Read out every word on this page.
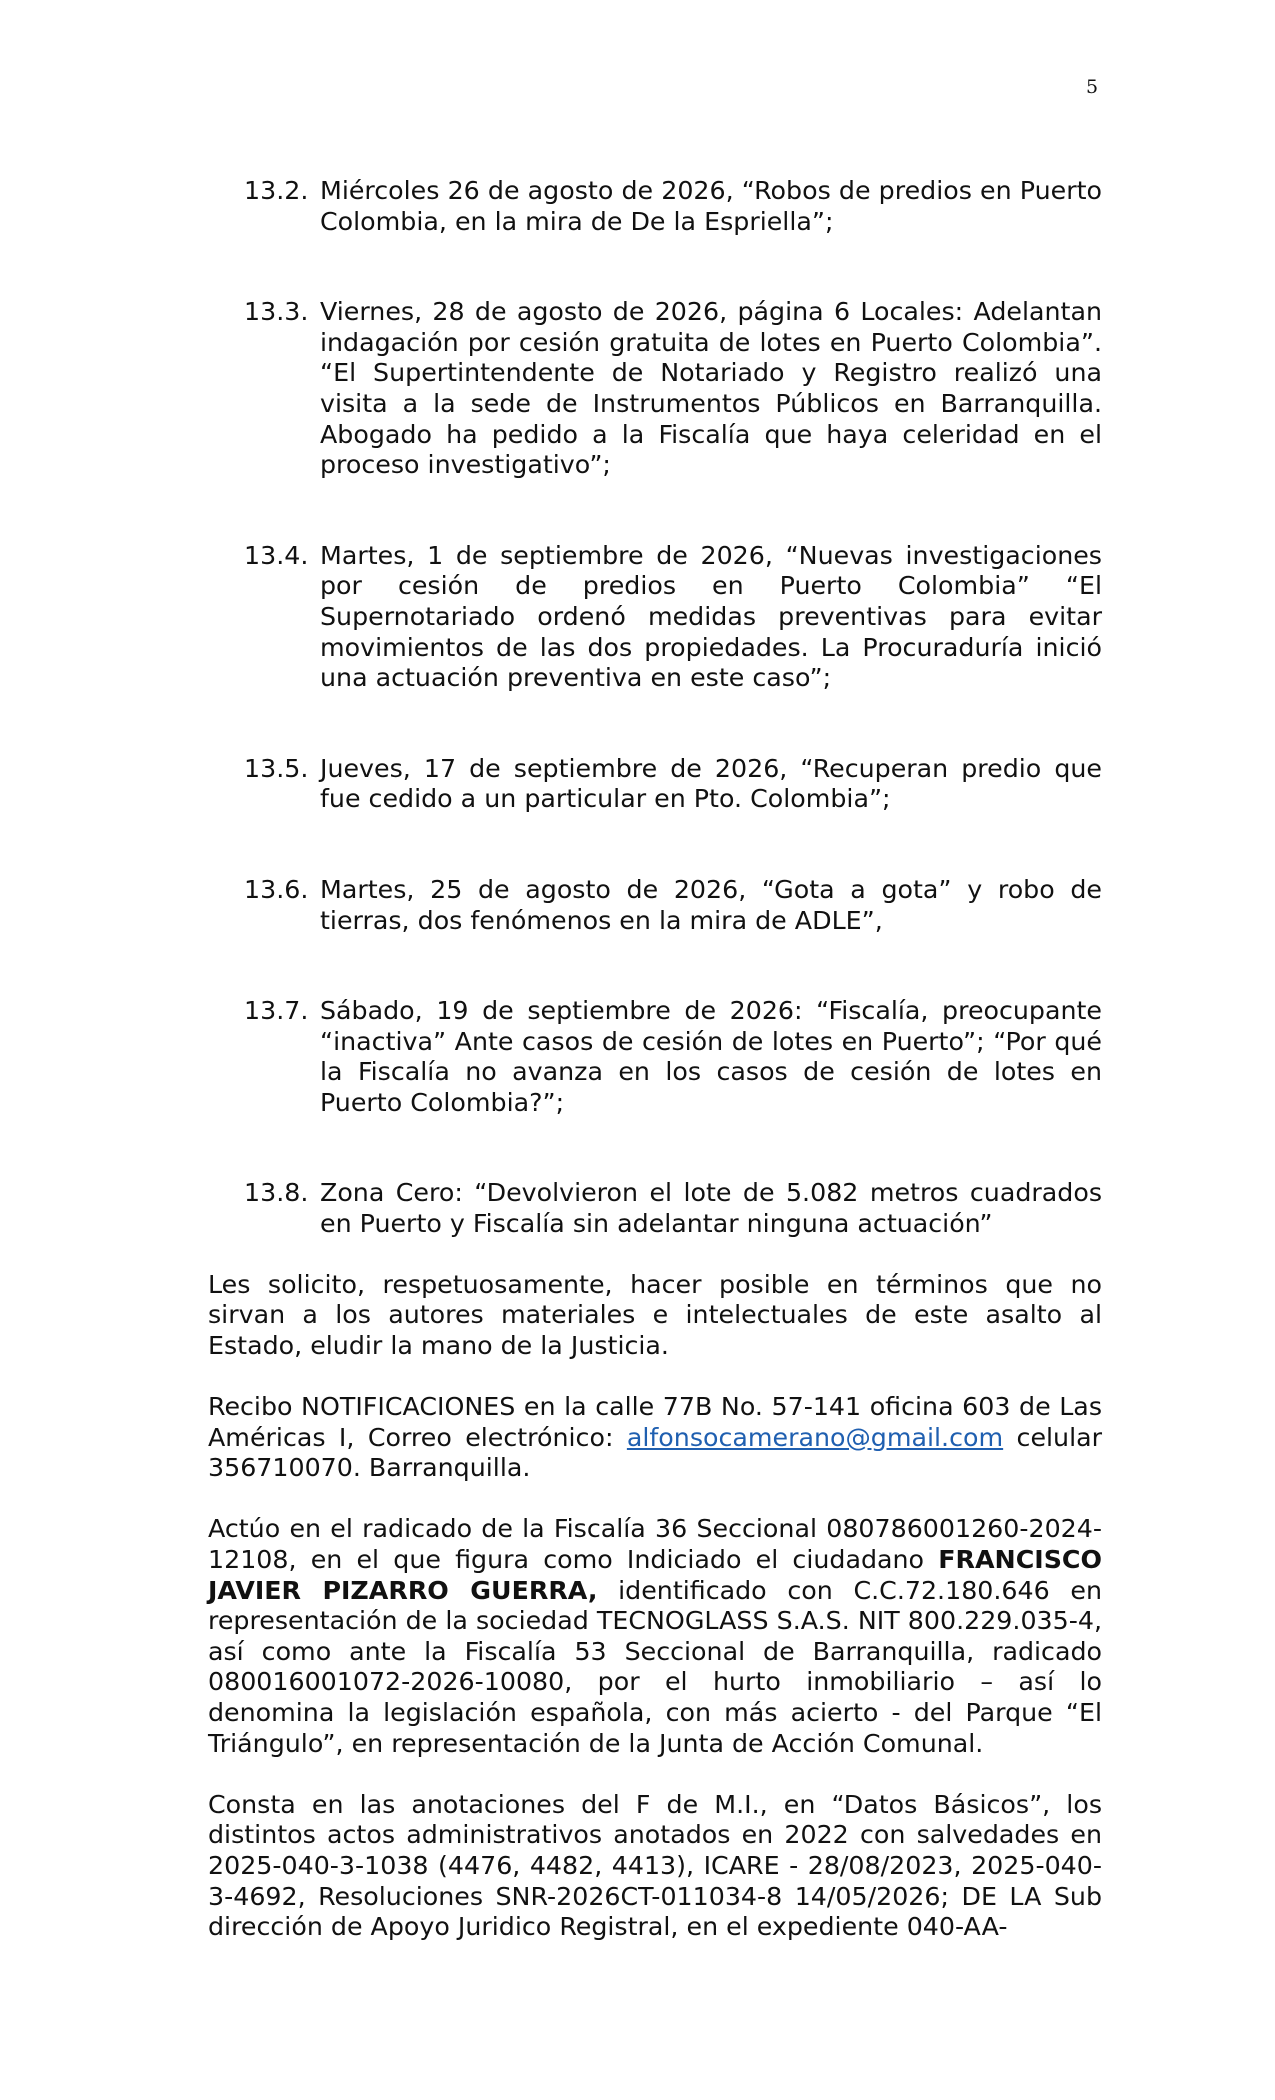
5
13.2. Miércoles 26 de agosto de 2026, “Robos de predios en Puerto Colombia, en la mira de De la Espriella”;
13.3. Viernes, 28 de agosto de 2026, página 6 Locales: Adelantan indagación por cesión gratuita de lotes en Puerto Colombia”. “El Supertintendente de Notariado y Registro realizó una visita a la sede de Instrumentos Públicos en Barranquilla. Abogado ha pedido a la Fiscalía que haya celeridad en el proceso investigativo”;
13.4. Martes, 1 de septiembre de 2026, “Nuevas investigaciones por cesión de predios en Puerto Colombia” “El Supernotariado ordenó medidas preventivas para evitar movimientos de las dos propiedades. La Procuraduría inició una actuación preventiva en este caso”;
13.5. Jueves, 17 de septiembre de 2026, “Recuperan predio que fue cedido a un particular en Pto. Colombia”;
13.6. Martes, 25 de agosto de 2026, “Gota a gota” y robo de tierras, dos fenómenos en la mira de ADLE”,
13.7. Sábado, 19 de septiembre de 2026: “Fiscalía, preocupante “inactiva” Ante casos de cesión de lotes en Puerto”; “Por qué la Fiscalía no avanza en los casos de cesión de lotes en Puerto Colombia?”;
13.8. Zona Cero: “Devolvieron el lote de 5.082 metros cuadrados en Puerto y Fiscalía sin adelantar ninguna actuación”

Les solicito, respetuosamente, hacer posible en términos que no sirvan a los autores materiales e intelectuales de este asalto al Estado, eludir la mano de la Justicia.

Recibo NOTIFICACIONES en la calle 77B No. 57-141 oficina 603 de Las Américas I, Correo electrónico: alfonsocamerano@gmail.com celular 356710070. Barranquilla.

Actúo en el radicado de la Fiscalía 36 Seccional 080786001260-2024-12108, en el que figura como Indiciado el ciudadano FRANCISCO JAVIER PIZARRO GUERRA, identificado con C.C.72.180.646 en representación de la sociedad TECNOGLASS S.A.S. NIT 800.229.035-4, así como ante la Fiscalía 53 Seccional de Barranquilla, radicado 080016001072-2026-10080, por el hurto inmobiliario – así lo denomina la legislación española, con más acierto - del Parque “El Triángulo”, en representación de la Junta de Acción Comunal.

Consta en las anotaciones del F de M.I., en “Datos Básicos”, los distintos actos administrativos anotados en 2022 con salvedades en 2025-040-3-1038 (4476, 4482, 4413), ICARE - 28/08/2023, 2025-040-3-4692, Resoluciones SNR-2026CT-011034-8 14/05/2026; DE LA Sub dirección de Apoyo Juridico Registral, en el expediente 040-AA-
